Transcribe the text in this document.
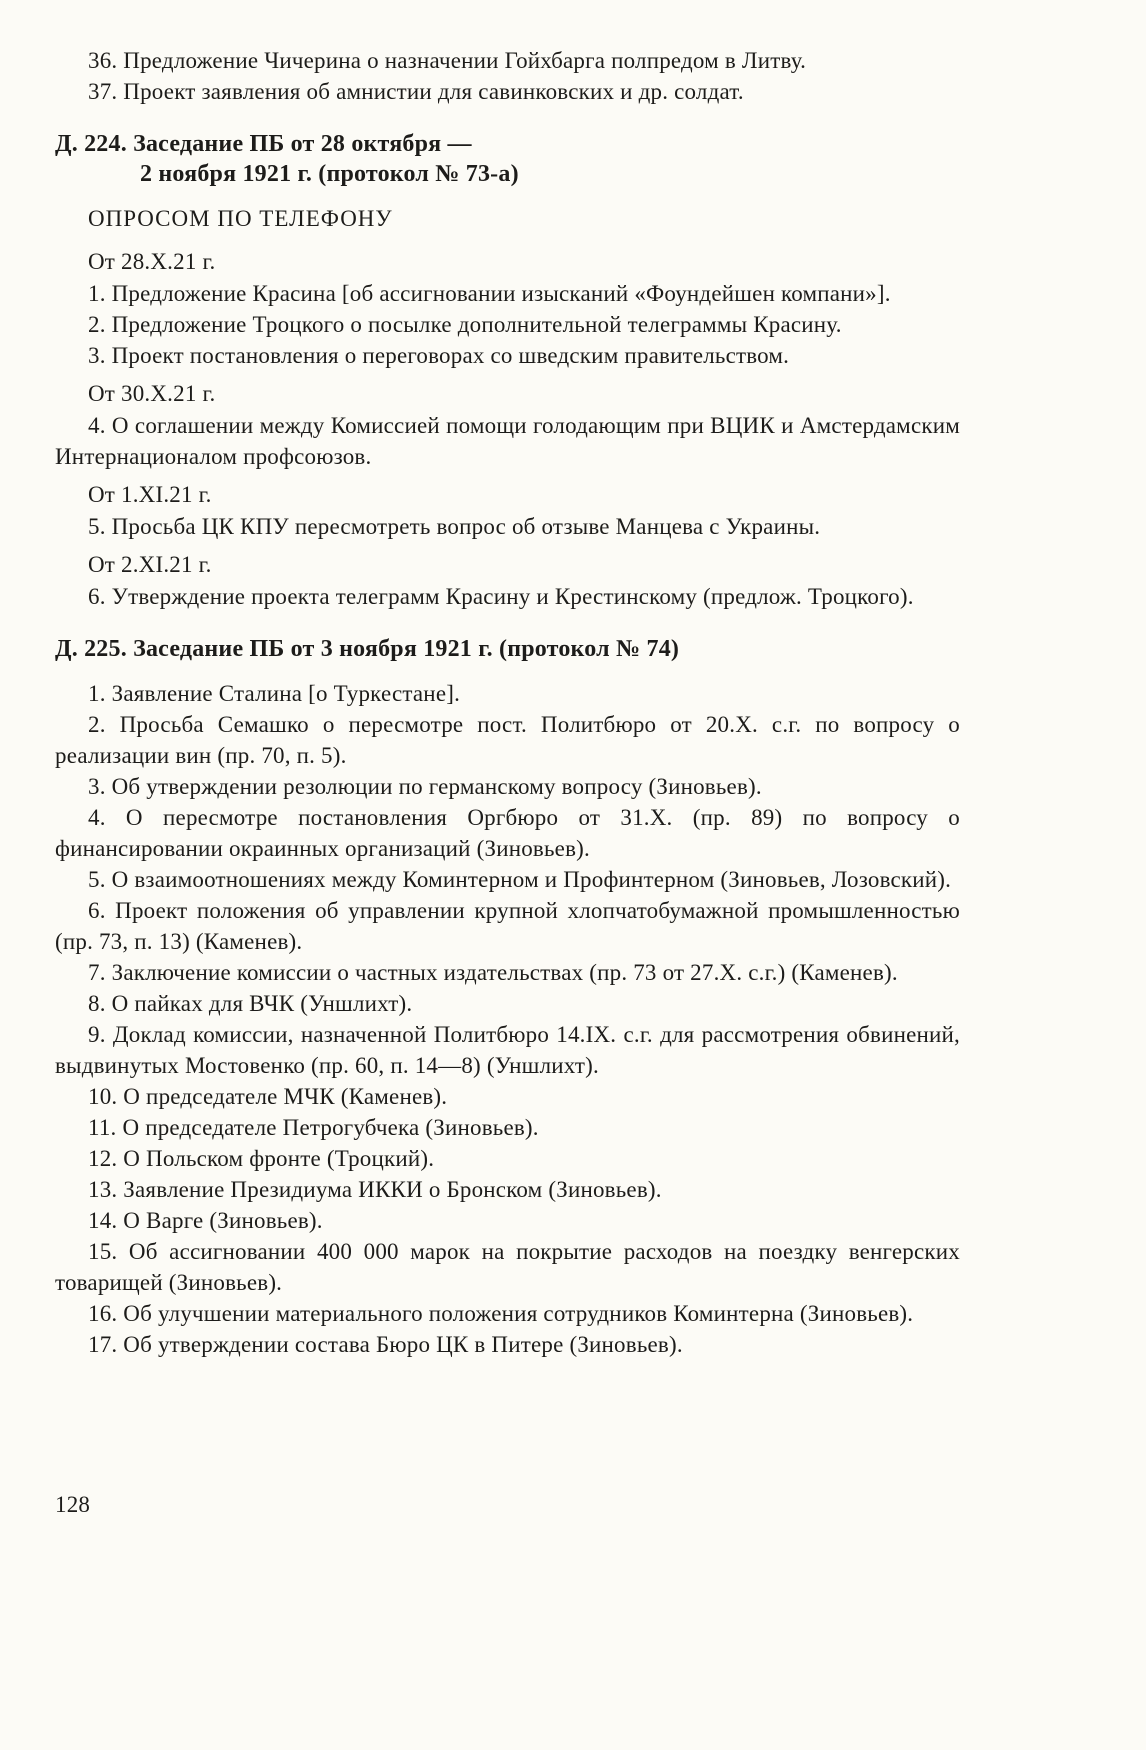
36. Предложение Чичерина о назначении Гойхбарга полпредом в Литву.

37. Проект заявления об амнистии для савинковских и др. солдат.

Д. 224. Заседание ПБ от 28 октября —
2 ноября 1921 г. (протокол № 73-а)

ОПРОСОМ ПО ТЕЛЕФОНУ

От 28.X.21 г.

1. Предложение Красина [об ассигновании изысканий «Фоундейшен компани»].

2. Предложение Троцкого о посылке дополнительной телеграммы Красину.

3. Проект постановления о переговорах со шведским правительством.

От 30.X.21 г.

4. О соглашении между Комиссией помощи голодающим при ВЦИК и Амстердамским Интернационалом профсоюзов.

От 1.XI.21 г.

5. Просьба ЦК КПУ пересмотреть вопрос об отзыве Манцева с Украины.

От 2.XI.21 г.

6. Утверждение проекта телеграмм Красину и Крестинскому (предлож. Троцкого).

Д. 225. Заседание ПБ от 3 ноября 1921 г. (протокол № 74)

1. Заявление Сталина [о Туркестане].

2. Просьба Семашко о пересмотре пост. Политбюро от 20.X. с.г. по вопросу о реализации вин (пр. 70, п. 5).

3. Об утверждении резолюции по германскому вопросу (Зиновьев).

4. О пересмотре постановления Оргбюро от 31.X. (пр. 89) по вопросу о финансировании окраинных организаций (Зиновьев).

5. О взаимоотношениях между Коминтерном и Профинтерном (Зиновьев, Лозовский).

6. Проект положения об управлении крупной хлопчатобумажной промышленностью (пр. 73, п. 13) (Каменев).

7. Заключение комиссии о частных издательствах (пр. 73 от 27.X. с.г.) (Каменев).

8. О пайках для ВЧК (Уншлихт).

9. Доклад комиссии, назначенной Политбюро 14.IX. с.г. для рассмотрения обвинений, выдвинутых Мостовенко (пр. 60, п. 14—8) (Уншлихт).

10. О председателе МЧК (Каменев).

11. О председателе Петрогубчека (Зиновьев).

12. О Польском фронте (Троцкий).

13. Заявление Президиума ИККИ о Бронском (Зиновьев).

14. О Варге (Зиновьев).

15. Об ассигновании 400 000 марок на покрытие расходов на поездку венгерских товарищей (Зиновьев).

16. Об улучшении материального положения сотрудников Коминтерна (Зиновьев).

17. Об утверждении состава Бюро ЦК в Питере (Зиновьев).

128
